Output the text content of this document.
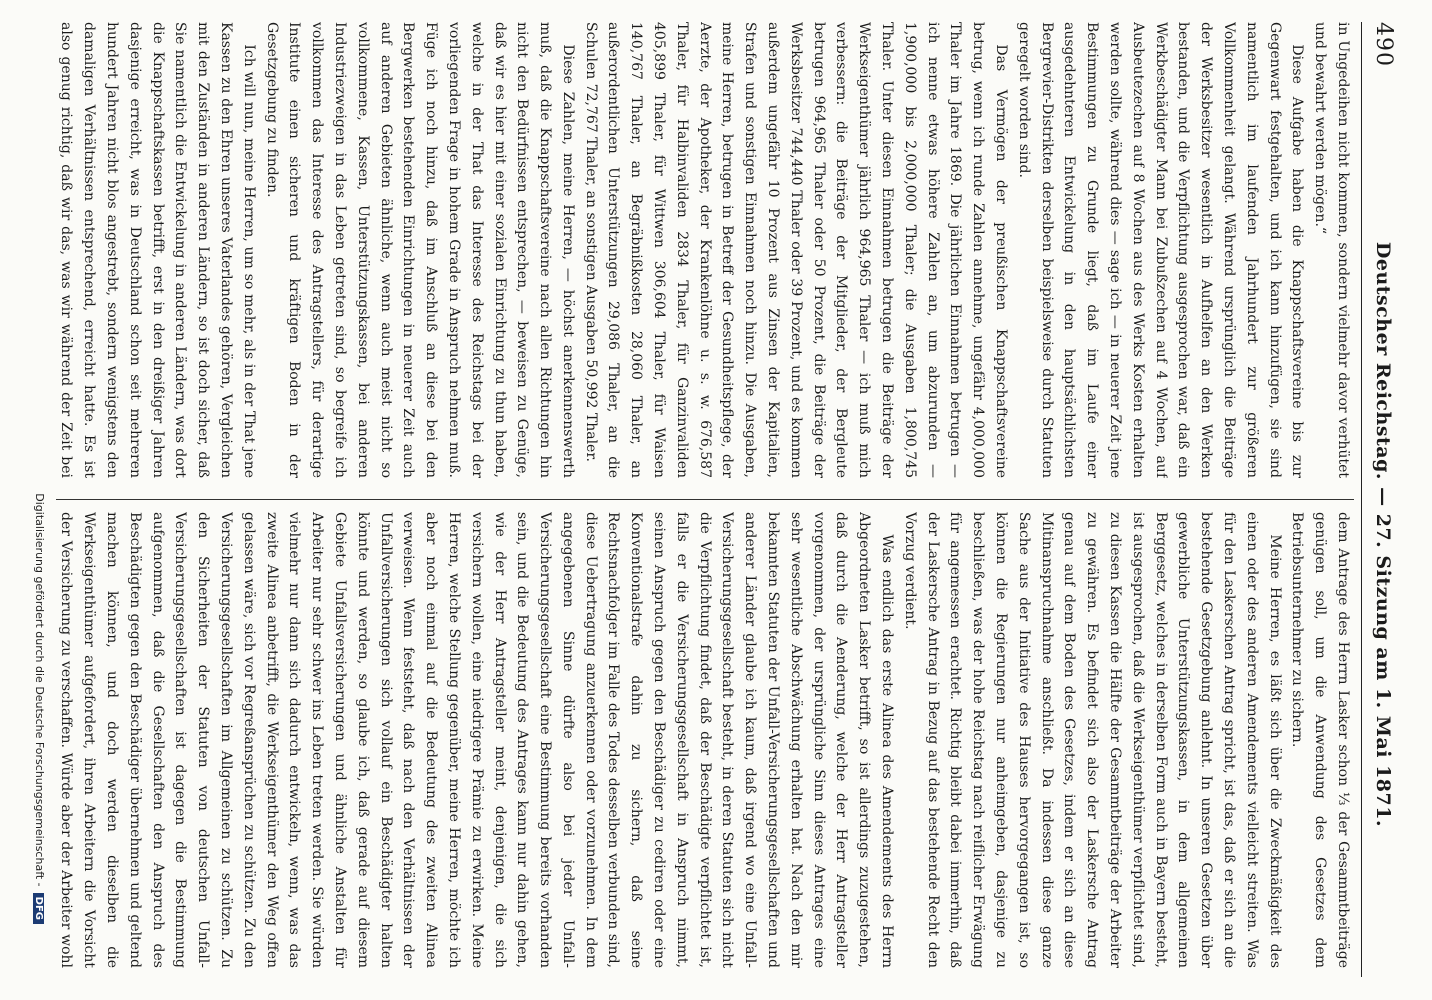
Digitalisierung gefördert durch die Deutsche Forschungsgemeinschaft -DFG
490
Deutscher Reichstag. — 27. Sitzung am 1. Mai 1871.

in Ungedeihen nicht kommen, sondern vielmehr davor verhütet und bewahrt werden mögen.“

Diese Aufgabe haben die Knappschaftsvereine bis zur Gegenwart festgehalten, und ich kann hinzufügen, sie sind namentlich im laufenden Jahrhundert zur größeren Vollkommenheit gelangt. Während ursprünglich die Beiträge der Werksbesitzer wesentlich in Aufhelfen an den Werken bestanden, und die Verpflichtung ausgesprochen war, daß ein Werkbeschädigter Mann bei Zubußzechen auf 4 Wochen, auf Ausbeutezechen auf 8 Wochen aus des Werks Kosten erhalten werden sollte, während dies — sage ich — in neuerer Zeit jene Bestimmungen zu Grunde liegt, daß im Laufe einer ausgedehnteren Entwickelung in den hauptsächlichsten Bergrevier-Distrikten derselben beispielsweise durch Statuten geregelt worden sind.

Das Vermögen der preußischen Knappschaftsvereine betrug, wenn ich runde Zahlen annehme, ungefähr 4,000,000 Thaler im Jahre 1869. Die jährlichen Einnahmen betrugen — ich nenne etwas höhere Zahlen an, um abzurunden — 1,900,000 bis 2,000,000 Thaler; die Ausgaben 1,800,745 Thaler. Unter diesen Einnahmen betrugen die Beiträge der Werkseigenthümer jährlich 964,965 Thaler — ich muß mich verbessern: die Beiträge der Mitglieder, der Bergleute betrugen 964,965 Thaler oder 50 Prozent, die Beiträge der Werksbesitzer 744,440 Thaler oder 39 Prozent, und es kommen außerdem ungefähr 10 Prozent aus Zinsen der Kapitalien, Strafen und sonstigen Einnahmen noch hinzu. Die Ausgaben, meine Herren, betrugen in Betreff der Gesundheitspflege, der Aerzte, der Apotheker, der Krankenlöhne u. s. w. 676,587 Thaler, für Halbinvaliden 2834 Thaler, für Ganzinvaliden 405,899 Thaler, für Wittwen 306,604 Thaler, für Waisen 140,767 Thaler, an Begräbnißkosten 28,060 Thaler, an außerordentlichen Unterstützungen 29,086 Thaler, an die Schulen 72,767 Thaler, an sonstigen Ausgaben 50,992 Thaler.

Diese Zahlen, meine Herren, — höchst anerkennenswerth muß, daß die Knappschaftsvereine nach allen Richtungen hin nicht den Bedürfnissen entsprechen, — beweisen zu Genüge, daß wir es hier mit einer sozialen Einrichtung zu thun haben, welche in der That das Interesse des Reichstags bei der vorliegenden Frage in hohem Grade in Anspruch nehmen muß. Füge ich noch hinzu, daß im Anschluß an diese bei den Bergwerken bestehenden Einrichtungen in neuerer Zeit auch auf anderen Gebieten ähnliche, wenn auch meist nicht so vollkommene, Kassen, Unterstützungskassen, bei anderen Industriezweigen in das Leben getreten sind, so begreife ich vollkommen das Interesse des Antragstellers, für derartige Institute einen sicheren und kräftigen Boden in der Gesetzgebung zu finden.

Ich will nun, meine Herren, um so mehr, als in der That jene Kassen zu den Ehren unseres Vaterlandes gehören, Vergleichen mit den Zuständen in anderen Ländern, so ist doch sicher, daß Sie namentlich die Entwickelung in anderen Ländern, was dort die Knappschaftskassen betrifft, erst in den dreißiger Jahren dasjenige erreicht, was in Deutschland schon seit mehreren hundert Jahren nicht blos angestrebt, sondern wenigstens den damaligen Verhältnissen entsprechend, erreicht hatte. Es ist also genug richtig, daß wir das, was wir während der Zeit bei

dem Antrage des Herrn Lasker schon ⅓ der Gesammtbeiträge genügen soll, um die Anwendung des Gesetzes dem Betriebsunternehmer zu sichern.

Meine Herren, es läßt sich über die Zweckmäßigkeit des einen oder des anderen Amendements vielleicht streiten. Was für den Laskerschen Antrag spricht, ist das, daß er sich an die bestehende Gesetzgebung anlehnt. In unseren Gesetzen über gewerbliche Unterstützungskassen, in dem allgemeinen Berggesetz, welches in derselben Form auch in Bayern besteht, ist ausgesprochen, daß die Werkseigenthümer verpflichtet sind, zu diesen Kassen die Hälfte der Gesammtbeiträge der Arbeiter zu gewähren. Es befindet sich also der Laskersche Antrag genau auf dem Boden des Gesetzes, indem er sich an diese Mitinanspruchnahme anschließt. Da indessen diese ganze Sache aus der Initiative des Hauses hervorgegangen ist, so können die Regierungen nur anheimgeben, dasjenige zu beschließen, was der hohe Reichstag nach reiflicher Erwägung für angemessen erachtet. Richtig bleibt dabei immerhin, daß der Laskersche Antrag in Bezug auf das bestehende Recht den Vorzug verdient.

Was endlich das erste Alinea des Amendements des Herrn Abgeordneten Lasker betrifft, so ist allerdings zuzugestehen, daß durch die Aenderung, welche der Herr Antragsteller vorgenommen, der ursprüngliche Sinn dieses Antrages eine sehr wesentliche Abschwächung erhalten hat. Nach den mir bekannten Statuten der Unfall-Versicherungsgesellschaften und anderer Länder glaube ich kaum, daß irgend wo eine Unfall-Versicherungsgesellschaft besteht, in deren Statuten sich nicht die Verpflichtung findet, daß der Beschädigte verpflichtet ist, falls er die Versicherungsgesellschaft in Anspruch nimmt, seinen Anspruch gegen den Beschädiger zu cediren oder eine Konventionalstrafe dahin zu sichern, daß seine Rechtsnachfolger im Falle des Todes desselben verbunden sind, diese Uebertragung anzuerkennen oder vorzunehmen. In dem angegebenen Sinne dürfte also bei jeder Unfall-Versicherungsgesellschaft eine Bestimmung bereits vorhanden sein, und die Bedeutung des Antrages kann nur dahin gehen, wie der Herr Antragsteller meint, denjenigen, die sich versichern wollen, eine niedrigere Prämie zu erwirken. Meine Herren, welche Stellung gegenüber, meine Herren, möchte ich aber noch einmal auf die Bedeutung des zweiten Alinea verweisen. Wenn feststeht, daß nach den Verhältnissen der Unfallversicherungen sich vollauf ein Beschädigter halten könnte und werden, so glaube ich, daß gerade auf diesem Gebiete Unfallsversicherungen und ähnliche Anstalten für Arbeiter nur sehr schwer ins Leben treten werden. Sie würden vielmehr nur dann sich dadurch entwickeln, wenn, was das zweite Alinea anbetrifft, die Werkseigenthümer den Weg offen gelassen wäre, sich vor Regreßansprüchen zu schützen. Zu den Versicherungsgesellschaften im Allgemeinen zu schützen. Zu den Sicherheiten der Statuten von deutschen Unfall-Versicherungsgesellschaften ist dagegen die Bestimmung aufgenommen, daß die Gesellschaften den Anspruch des Beschädigten gegen den Beschädiger übernehmen und geltend machen können, und doch werden dieselben die Werkseigenthümer aufgefordert, ihren Arbeitern die Vorsicht der Versicherung zu verschaffen. Würde aber der Arbeiter wohl
